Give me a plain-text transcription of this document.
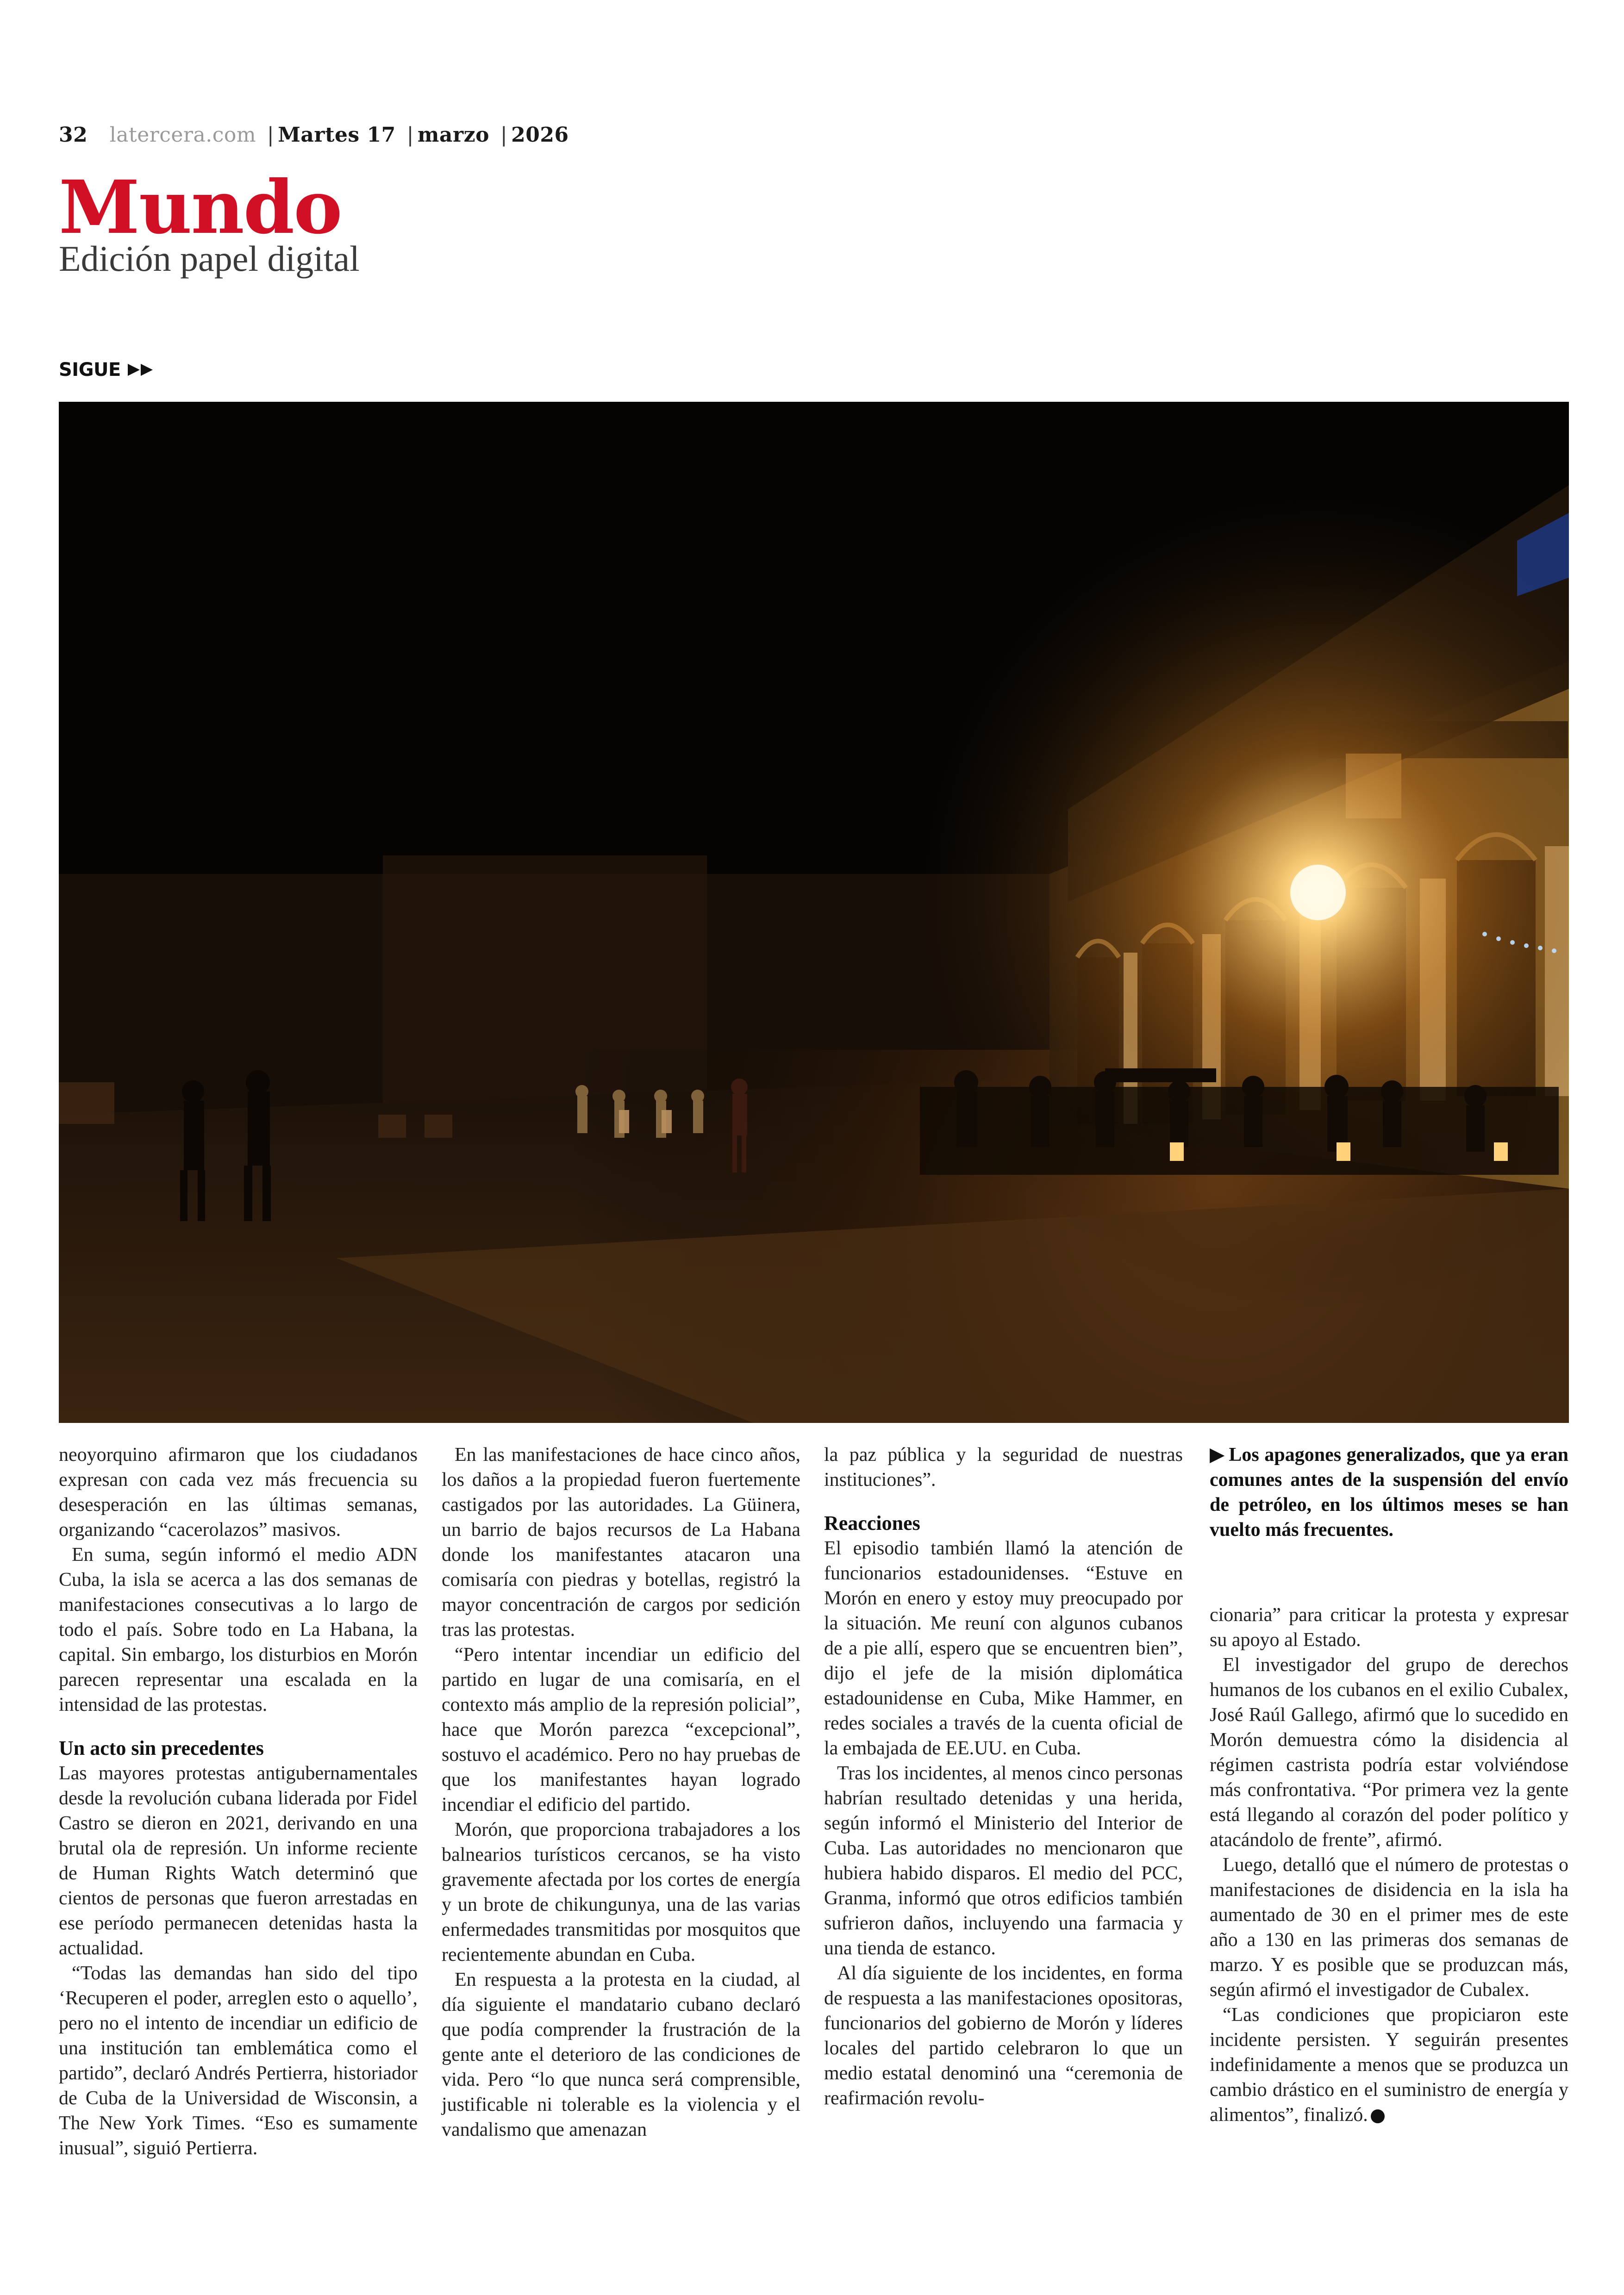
32 latercera.com | Martes 17 | marzo | 2026
Mundo
Edición papel digital
SIGUE

neoyorquino afirmaron que los ciudadanos expresan con cada vez más frecuencia su desesperación en las últimas semanas, organizando “cacerolazos” masivos.

En suma, según informó el medio ADN Cuba, la isla se acerca a las dos semanas de manifestaciones consecutivas a lo largo de todo el país. Sobre todo en La Habana, la capital. Sin embargo, los disturbios en Morón parecen representar una escalada en la intensidad de las protestas.

Un acto sin precedentes

Las mayores protestas antigubernamentales desde la revolución cubana liderada por Fidel Castro se dieron en 2021, derivando en una brutal ola de represión. Un informe reciente de Human Rights Watch determinó que cientos de personas que fueron arrestadas en ese período permanecen detenidas hasta la actualidad.

“Todas las demandas han sido del tipo ‘Recuperen el poder, arreglen esto o aquello’, pero no el intento de incendiar un edificio de una institución tan emblemática como el partido”, declaró Andrés Pertierra, historiador de Cuba de la Universidad de Wisconsin, a The New York Times. “Eso es sumamente inusual”, siguió Pertierra.

En las manifestaciones de hace cinco años, los daños a la propiedad fueron fuertemente castigados por las autoridades. La Güinera, un barrio de bajos recursos de La Habana donde los manifestantes atacaron una comisaría con piedras y botellas, registró la mayor concentración de cargos por sedición tras las protestas.

“Pero intentar incendiar un edificio del partido en lugar de una comisaría, en el contexto más amplio de la represión policial”, hace que Morón parezca “excepcional”, sostuvo el académico. Pero no hay pruebas de que los manifestantes hayan logrado incendiar el edificio del partido.

Morón, que proporciona trabajadores a los balnearios turísticos cercanos, se ha visto gravemente afectada por los cortes de energía y un brote de chikungunya, una de las varias enfermedades transmitidas por mosquitos que recientemente abundan en Cuba.

En respuesta a la protesta en la ciudad, al día siguiente el mandatario cubano declaró que podía comprender la frustración de la gente ante el deterioro de las condiciones de vida. Pero “lo que nunca será comprensible, justificable ni tolerable es la violencia y el vandalismo que amenazan

la paz pública y la seguridad de nuestras instituciones”.

Reacciones

El episodio también llamó la atención de funcionarios estadounidenses. “Estuve en Morón en enero y estoy muy preocupado por la situación. Me reuní con algunos cubanos de a pie allí, espero que se encuentren bien”, dijo el jefe de la misión diplomática estadounidense en Cuba, Mike Hammer, en redes sociales a través de la cuenta oficial de la embajada de EE.UU. en Cuba.

Tras los incidentes, al menos cinco personas habrían resultado detenidas y una herida, según informó el Ministerio del Interior de Cuba. Las autoridades no mencionaron que hubiera habido disparos. El medio del PCC, Granma, informó que otros edificios también sufrieron daños, incluyendo una farmacia y una tienda de estanco.

Al día siguiente de los incidentes, en forma de respuesta a las manifestaciones opositoras, funcionarios del gobierno de Morón y líderes locales del partido celebraron lo que un medio estatal denominó una “ceremonia de reafirmación revolu-

▶ Los apagones generalizados, que ya eran comunes antes de la suspensión del envío de petróleo, en los últimos meses se han vuelto más frecuentes.

cionaria” para criticar la protesta y expresar su apoyo al Estado.

El investigador del grupo de derechos humanos de los cubanos en el exilio Cubalex, José Raúl Gallego, afirmó que lo sucedido en Morón demuestra cómo la disidencia al régimen castrista podría estar volviéndose más confrontativa. “Por primera vez la gente está llegando al corazón del poder político y atacándolo de frente”, afirmó.

Luego, detalló que el número de protestas o manifestaciones de disidencia en la isla ha aumentado de 30 en el primer mes de este año a 130 en las primeras dos semanas de marzo. Y es posible que se produzcan más, según afirmó el investigador de Cubalex.

“Las condiciones que propiciaron este incidente persisten. Y seguirán presentes indefinidamente a menos que se produzca un cambio drástico en el suministro de energía y alimentos”, finalizó.
